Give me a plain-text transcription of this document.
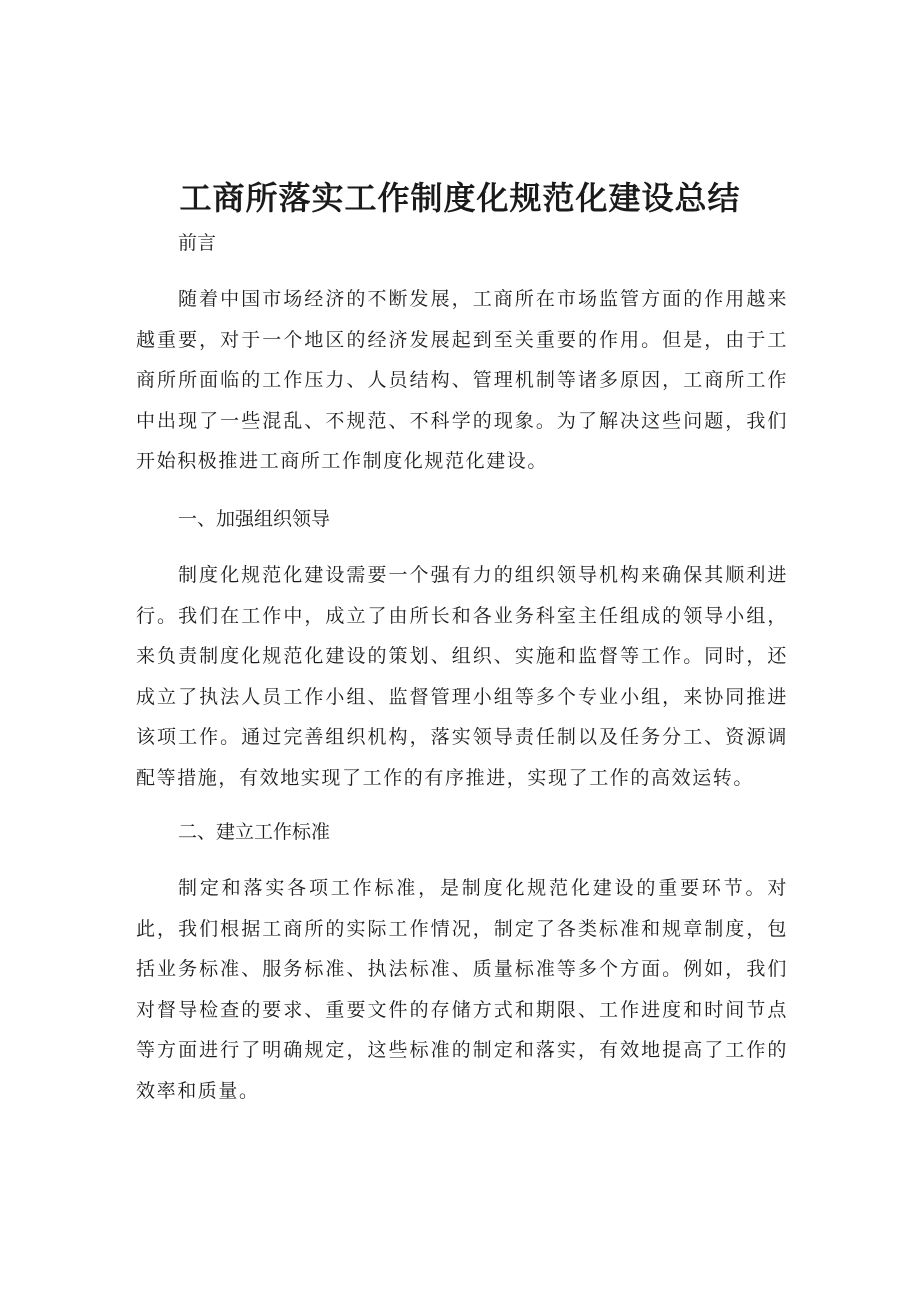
工商所落实工作制度化规范化建设总结

前言

随着中国市场经济的不断发展，工商所在市场监管方面的作用越来越重要，对于一个地区的经济发展起到至关重要的作用。但是，由于工商所所面临的工作压力、人员结构、管理机制等诸多原因，工商所工作中出现了一些混乱、不规范、不科学的现象。为了解决这些问题，我们开始积极推进工商所工作制度化规范化建设。

一、加强组织领导

制度化规范化建设需要一个强有力的组织领导机构来确保其顺利进行。我们在工作中，成立了由所长和各业务科室主任组成的领导小组，来负责制度化规范化建设的策划、组织、实施和监督等工作。同时，还成立了执法人员工作小组、监督管理小组等多个专业小组，来协同推进该项工作。通过完善组织机构，落实领导责任制以及任务分工、资源调配等措施，有效地实现了工作的有序推进，实现了工作的高效运转。

二、建立工作标准

制定和落实各项工作标准，是制度化规范化建设的重要环节。对此，我们根据工商所的实际工作情况，制定了各类标准和规章制度，包括业务标准、服务标准、执法标准、质量标准等多个方面。例如，我们对督导检查的要求、重要文件的存储方式和期限、工作进度和时间节点等方面进行了明确规定，这些标准的制定和落实，有效地提高了工作的效率和质量。
